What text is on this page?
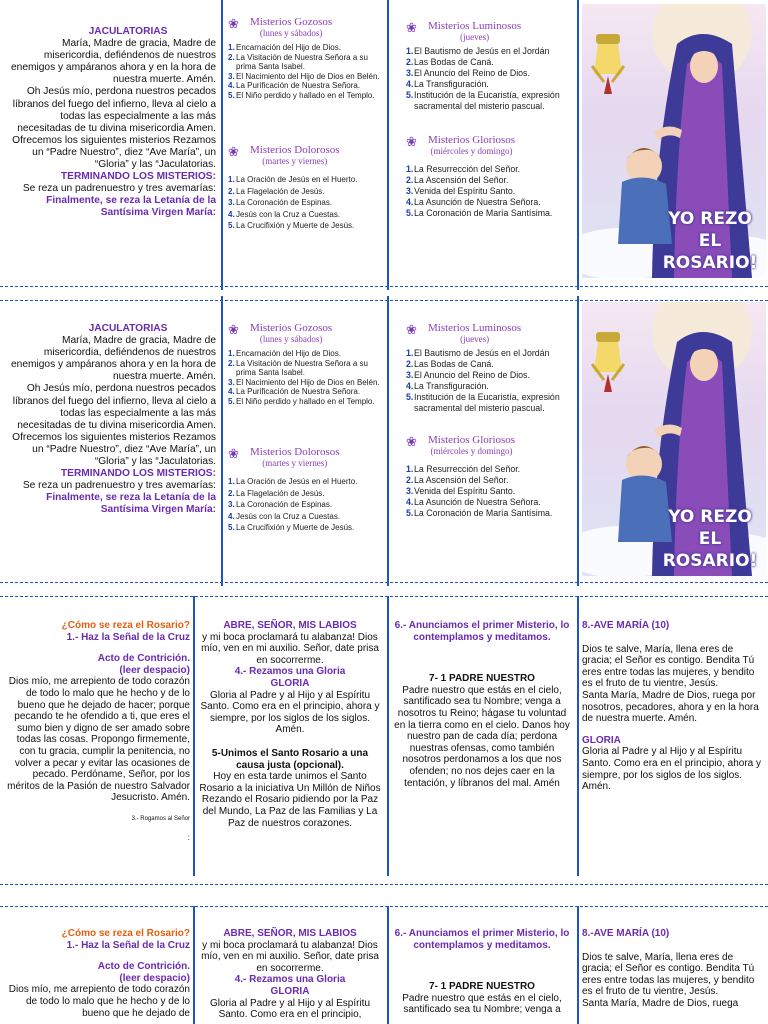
JACULATORIAS
María, Madre de gracia, Madre de misericordia, defiéndenos de nuestros enemigos y ampáranos ahora y en la hora de nuestra muerte. Amén.
Oh Jesús mío, perdona nuestros pecados líbranos del fuego del infierno, lleva al cielo a todas las especialmente a las más necesitadas de tu divina misericordia Amen.
Ofrecemos los siguientes misterios Rezamos un “Padre Nuestro”, diez “Ave María”, un “Gloria” y las “Jaculatorias.
TERMINANDO LOS MISTERIOS:
Se reza un padrenuestro y tres avemarías:
Finalmente, se reza la Letanía de la Santísima Virgen María:
❀	Misterios Gozosos
(lunes y sábados)
1. Encarnación del Hijo de Dios.
2. La Visitación de Nuestra Señora a su prima Santa Isabel.
3. El Nacimiento del Hijo de Dios en Belén.
4. La Purificación de Nuestra Señora.
5. El Niño perdido y hallado en el Templo.
❀	Misterios Dolorosos
(martes y viernes)
1. La Oración de Jesús en el Huerto.
2. La Flagelación de Jesús.
3. La Coronación de Espinas.
4. Jesús con la Cruz a Cuestas.
5. La Crucifixión y Muerte de Jesús.
❀	Misterios Luminosos
(jueves)
1. El Bautismo de Jesús en el Jordán
2. Las Bodas de Caná.
3. El Anuncio del Reino de Dios.
4. La Transfiguración.
5. Institución de la Eucaristía, expresión sacramental del misterio pascual.
❀	Misterios Gloriosos
(miércoles y domingo)
1. La Resurrección del Señor.
2. La Ascensión del Señor.
3. Venida del Espíritu Santo.
4. La Asunción de Nuestra Señora.
5. La Coronación de María Santísima.	YO REZO
EL ROSARIO!
JACULATORIAS
María, Madre de gracia, Madre de misericordia, defiéndenos de nuestros enemigos y ampáranos ahora y en la hora de nuestra muerte. Amén.
Oh Jesús mío, perdona nuestros pecados líbranos del fuego del infierno, lleva al cielo a todas las especialmente a las más necesitadas de tu divina misericordia Amen.
Ofrecemos los siguientes misterios Rezamos un “Padre Nuestro”, diez “Ave María”, un “Gloria” y las “Jaculatorias.
TERMINANDO LOS MISTERIOS:
Se reza un padrenuestro y tres avemarías:
Finalmente, se reza la Letanía de la Santísima Virgen María:
❀	Misterios Gozosos
(lunes y sábados)
1. Encarnación del Hijo de Dios.
2. La Visitación de Nuestra Señora a su prima Santa Isabel.
3. El Nacimiento del Hijo de Dios en Belén.
4. La Purificación de Nuestra Señora.
5. El Niño perdido y hallado en el Templo.
❀	Misterios Dolorosos
(martes y viernes)
1. La Oración de Jesús en el Huerto.
2. La Flagelación de Jesús.
3. La Coronación de Espinas.
4. Jesús con la Cruz a Cuestas.
5. La Crucifixión y Muerte de Jesús.
❀	Misterios Luminosos
(jueves)
1. El Bautismo de Jesús en el Jordán
2. Las Bodas de Caná.
3. El Anuncio del Reino de Dios.
4. La Transfiguración.
5. Institución de la Eucaristía, expresión sacramental del misterio pascual.
❀	Misterios Gloriosos
(miércoles y domingo)
1. La Resurrección del Señor.
2. La Ascensión del Señor.
3. Venida del Espíritu Santo.
4. La Asunción de Nuestra Señora.
5. La Coronación de María Santísima.	YO REZO
EL ROSARIO!
¿Cómo se reza el Rosario?
1.- Haz la Señal de la Cruz
Acto de Contrición.
(leer despacio)
Dios mío, me arrepiento de todo corazón de todo lo malo que he hecho y de lo bueno que he dejado de hacer; porque pecando te he ofendido a ti, que eres el sumo bien y digno de ser amado sobre todas las cosas. Propongo firmemente, con tu gracia, cumplir la penitencia, no volver a pecar y evitar las ocasiones de pecado. Perdóname, Señor, por los méritos de la Pasión de nuestro Salvador Jesucristo. Amén.
3.- Rogamos al Señor
:
ABRE, SEÑOR, MIS LABIOS
y mi boca proclamará tu alabanza! Dios mío, ven en mi auxilio. Señor, date prisa en socorrerme.
4.- Rezamos una Gloria
GLORIA
Gloria al Padre y al Hijo y al Espíritu Santo. Como era en el principio, ahora y siempre, por los siglos de los siglos. Amén.
5-Unimos el Santo Rosario a una causa justa (opcional).
Hoy en esta tarde unimos el Santo Rosario a la iniciativa Un Millón de Niños Rezando el Rosario pidiendo por la Paz del Mundo, La Paz de las Familias y La Paz de nuestros corazones.
6.- Anunciamos el primer Misterio, lo contemplamos y meditamos.
7- 1 PADRE NUESTRO
Padre nuestro que estás en el cielo, santificado sea tu Nombre; venga a nosotros tu Reino; hágase tu voluntad en la tierra como en el cielo. Danos hoy nuestro pan de cada día; perdona nuestras ofensas, como también nosotros perdonamos a los que nos ofenden; no nos dejes caer en la tentación, y líbranos del mal. Amén
8.-AVE MARÍA (10)
Dios te salve, María, llena eres de gracia; el Señor es contigo. Bendita Tú eres entre todas las mujeres, y bendito es el fruto de tu vientre, Jesús.
Santa María, Madre de Dios, ruega por nosotros, pecadores, ahora y en la hora de nuestra muerte. Amén.
GLORIA
Gloria al Padre y al Hijo y al Espíritu Santo. Como era en el principio, ahora y siempre, por los siglos de los siglos. Amén.
¿Cómo se reza el Rosario?
1.- Haz la Señal de la Cruz
Acto de Contrición.
(leer despacio)
Dios mío, me arrepiento de todo corazón de todo lo malo que he hecho y de lo bueno que he dejado de
ABRE, SEÑOR, MIS LABIOS
y mi boca proclamará tu alabanza! Dios mío, ven en mi auxilio. Señor, date prisa en socorrerme.
4.- Rezamos una Gloria
GLORIA
Gloria al Padre y al Hijo y al Espíritu Santo. Como era en el principio,
6.- Anunciamos el primer Misterio, lo contemplamos y meditamos.
7- 1 PADRE NUESTRO
Padre nuestro que estás en el cielo, santificado sea tu Nombre; venga a
8.-AVE MARÍA (10)
Dios te salve, María, llena eres de gracia; el Señor es contigo. Bendita Tú eres entre todas las mujeres, y bendito es el fruto de tu vientre, Jesús.
Santa María, Madre de Dios, ruega
